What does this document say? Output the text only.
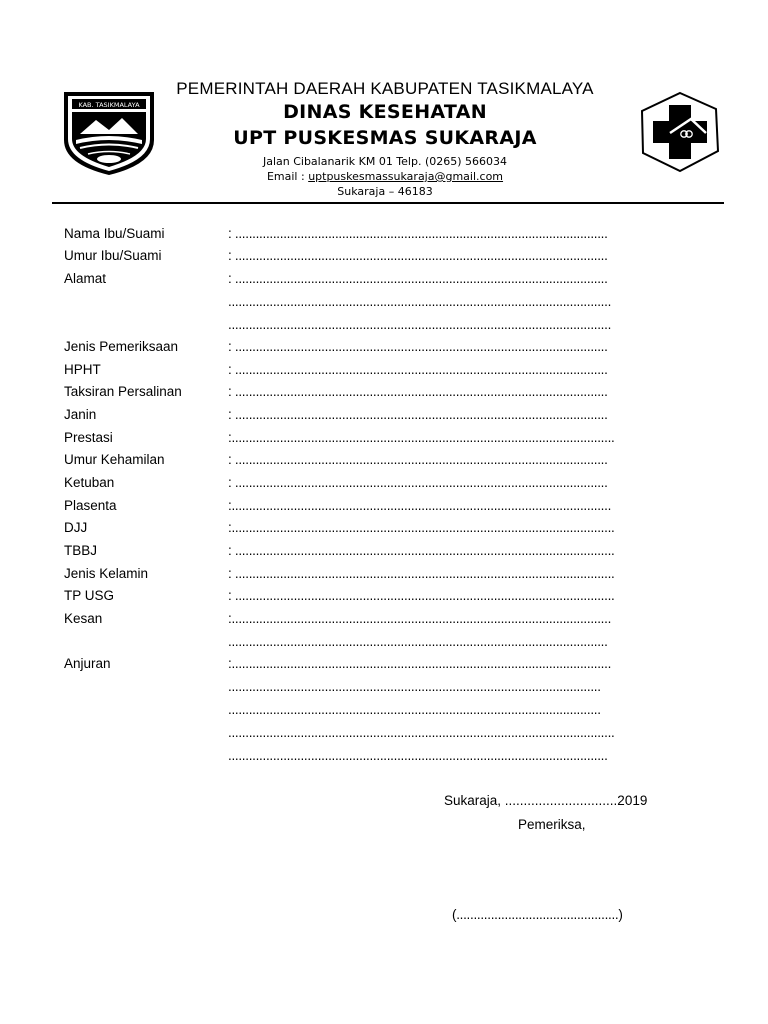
KAB. TASIKMALAYA
PEMERINTAH DAERAH KABUPATEN TASIKMALAYA
DINAS KESEHATAN
UPT PUSKESMAS SUKARAJA
Jalan Cibalanarik KM 01 Telp. (0265) 566034
Email : uptpuskesmassukaraja@gmail.com
Sukaraja – 46183
Nama Ibu/Suami	: ............................................................................................................
Umur Ibu/Suami	: ............................................................................................................
Alamat	: ............................................................................................................
...............................................................................................................
...............................................................................................................
Jenis Pemeriksaan	: ............................................................................................................
HPHT	: ............................................................................................................
Taksiran Persalinan	: ............................................................................................................
Janin	: ............................................................................................................
Prestasi	:...............................................................................................................
Umur Kehamilan	: ............................................................................................................
Ketuban	: ............................................................................................................
Plasenta	:..............................................................................................................
DJJ	:...............................................................................................................
TBBJ	: ..............................................................................................................
Jenis Kelamin	: ..............................................................................................................
TP USG	: ..............................................................................................................
Kesan	:..............................................................................................................
..............................................................................................................
Anjuran	:..............................................................................................................
............................................................................................................
............................................................................................................
................................................................................................................
..............................................................................................................
Sukaraja, ..............................2019
Pemeriksa,
(...............................................)
